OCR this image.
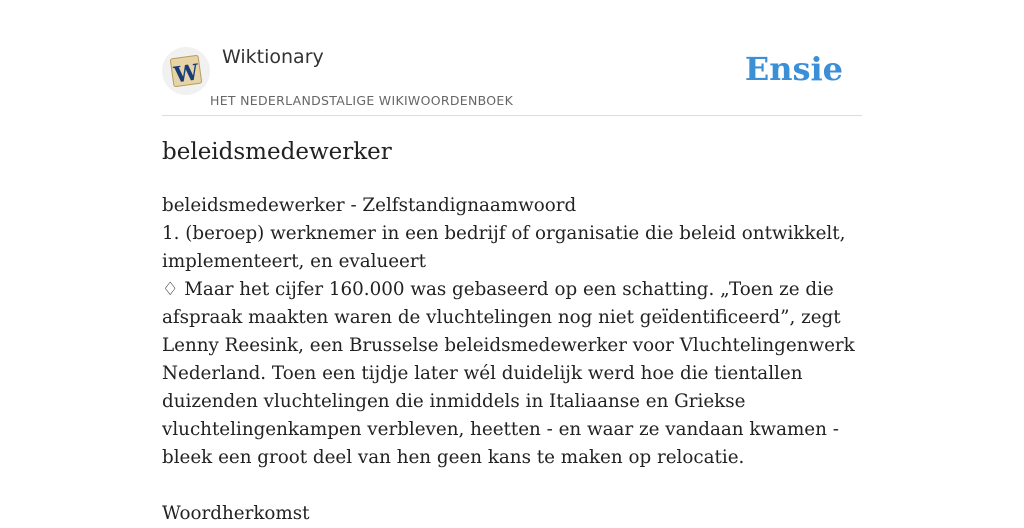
W
Wiktionary
HET NEDERLANDSTALIGE WIKIWOORDENBOEK
Ensie
beleidsmedewerker

beleidsmedewerker - Zelfstandignaamwoord

1. (beroep) werknemer in een bedrijf of organisatie die beleid ontwikkelt, implementeert, en evalueert

♢ Maar het cijfer 160.000 was gebaseerd op een schatting. „Toen ze die afspraak maakten waren de vluchtelingen nog niet geïdentificeerd”, zegt Lenny Reesink, een Brusselse beleidsmedewerker voor Vluchtelingenwerk Nederland. Toen een tijdje later wél duidelijk werd hoe die tientallen duizenden vluchtelingen die inmiddels in Italiaanse en Griekse vluchtelingenkampen verbleven, heetten - en waar ze vandaan kwamen - bleek een groot deel van hen geen kans te maken op relocatie.

Woordherkomst
